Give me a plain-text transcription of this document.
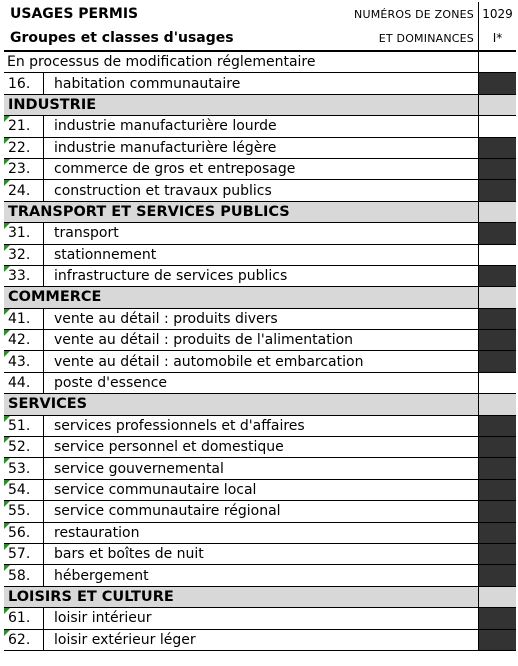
USAGES PERMIS	NUMÉROS DE ZONES 1029
Groupes et classes d'usages	ET DOMINANCES	I*
En processus de modification réglementaire
16.	habitation communautaire
INDUSTRIE
21.	industrie manufacturière lourde
22.	industrie manufacturière légère
23.	commerce de gros et entreposage
24.	construction et travaux publics
TRANSPORT ET SERVICES PUBLICS
31.	transport
32.	stationnement
33.	infrastructure de services publics
COMMERCE
41.	vente au détail : produits divers
42.	vente au détail : produits de l'alimentation
43.	vente au détail : automobile et embarcation
44.	poste d'essence
SERVICES
51.	services professionnels et d'affaires
52.	service personnel et domestique
53.	service gouvernemental
54.	service communautaire local
55.	service communautaire régional
56.	restauration
57.	bars et boîtes de nuit
58.	hébergement
LOISIRS ET CULTURE
61.	loisir intérieur
62.	loisir extérieur léger
